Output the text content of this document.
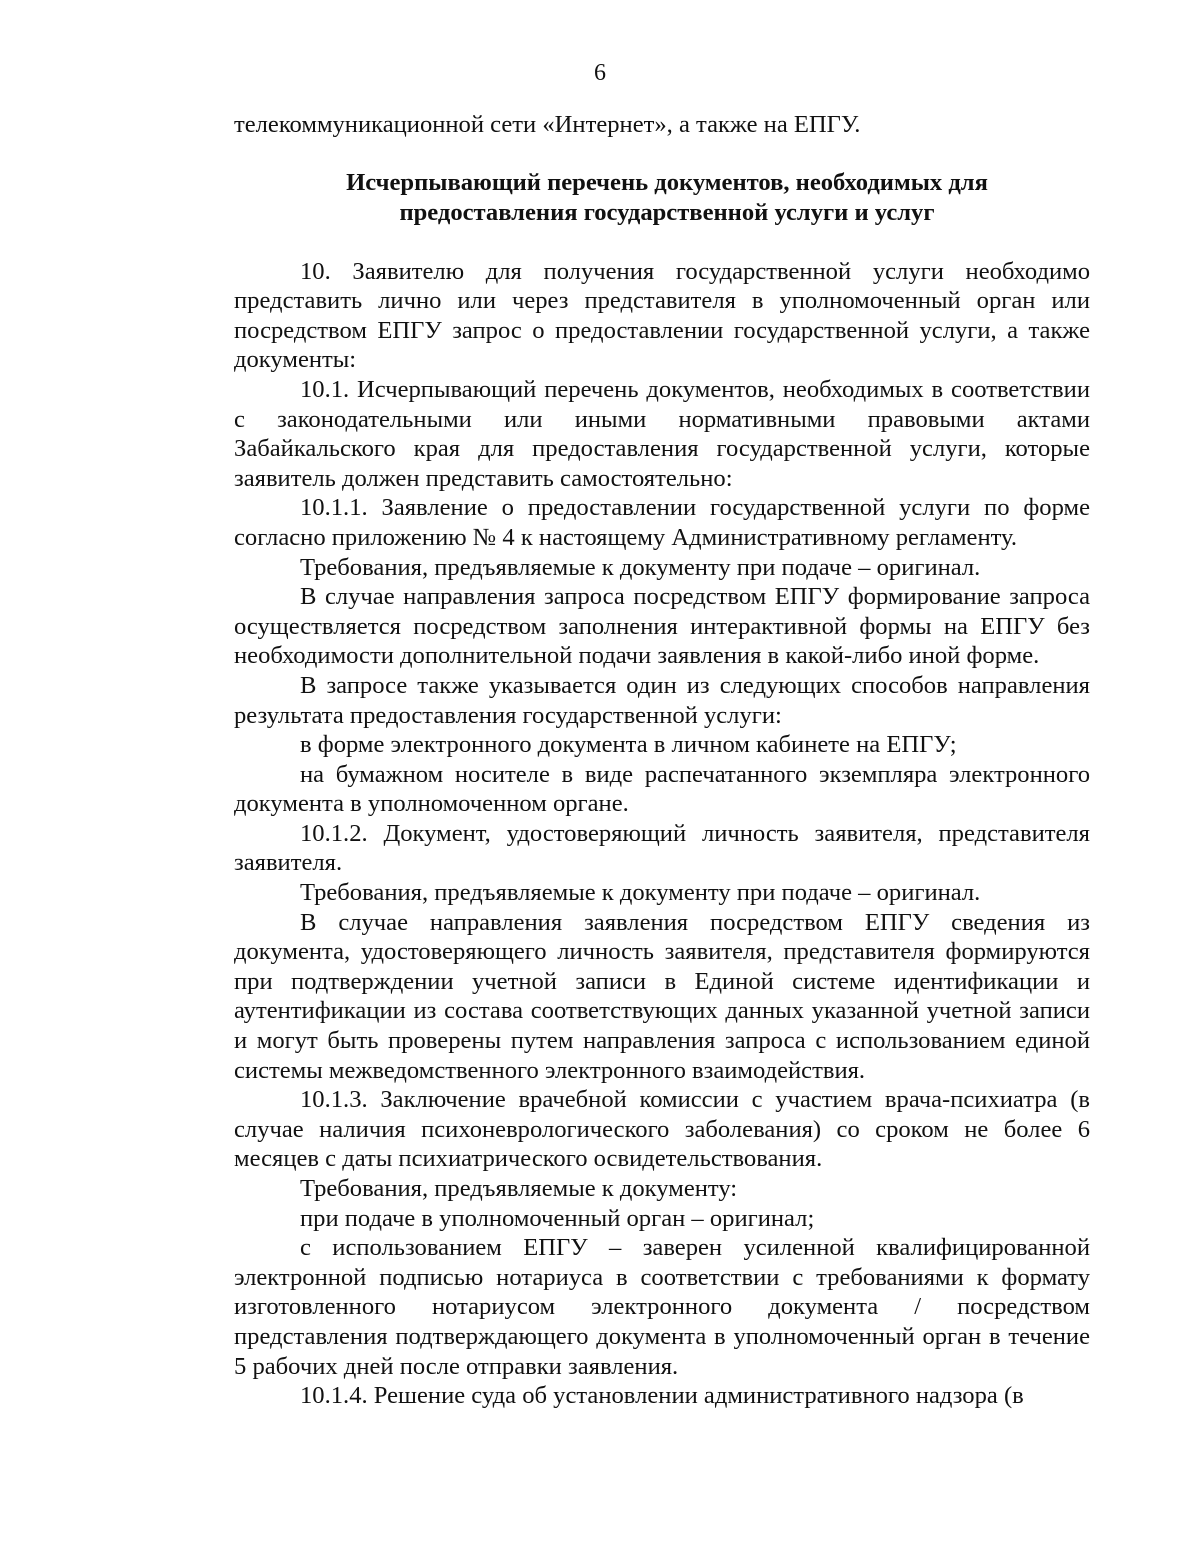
6

телекоммуникационной сети «Интернет», а также на ЕПГУ.

Исчерпывающий перечень документов, необходимых для
предоставления государственной услуги и услуг

10. Заявителю для получения государственной услуги необходимо представить лично или через представителя в уполномоченный орган или посредством ЕПГУ запрос о предоставлении государственной услуги, а также документы:

10.1. Исчерпывающий перечень документов, необходимых в соответствии с законодательными или иными нормативными правовыми актами Забайкальского края для предоставления государственной услуги, которые заявитель должен представить самостоятельно:

10.1.1. Заявление о предоставлении государственной услуги по форме согласно приложению № 4 к настоящему Административному регламенту.

Требования, предъявляемые к документу при подаче – оригинал.

В случае направления запроса посредством ЕПГУ формирование запроса осуществляется посредством заполнения интерактивной формы на ЕПГУ без необходимости дополнительной подачи заявления в какой-либо иной форме.

В запросе также указывается один из следующих способов направления результата предоставления государственной услуги:

в форме электронного документа в личном кабинете на ЕПГУ;

на бумажном носителе в виде распечатанного экземпляра электронного документа в уполномоченном органе.

10.1.2. Документ, удостоверяющий личность заявителя, представителя заявителя.

Требования, предъявляемые к документу при подаче – оригинал.

В случае направления заявления посредством ЕПГУ сведения из документа, удостоверяющего личность заявителя, представителя формируются при подтверждении учетной записи в Единой системе идентификации и аутентификации из состава соответствующих данных указанной учетной записи и могут быть проверены путем направления запроса с использованием единой системы межведомственного электронного взаимодействия.

10.1.3. Заключение врачебной комиссии с участием врача-психиатра (в случае наличия психоневрологического заболевания) со сроком не более 6 месяцев с даты психиатрического освидетельствования.

Требования, предъявляемые к документу:

при подаче в уполномоченный орган – оригинал;

с использованием ЕПГУ – заверен усиленной квалифицированной электронной подписью нотариуса в соответствии с требованиями к формату изготовленного нотариусом электронного документа / посредством представления подтверждающего документа в уполномоченный орган в течение 5 рабочих дней после отправки заявления.

10.1.4. Решение суда об установлении административного надзора (в
